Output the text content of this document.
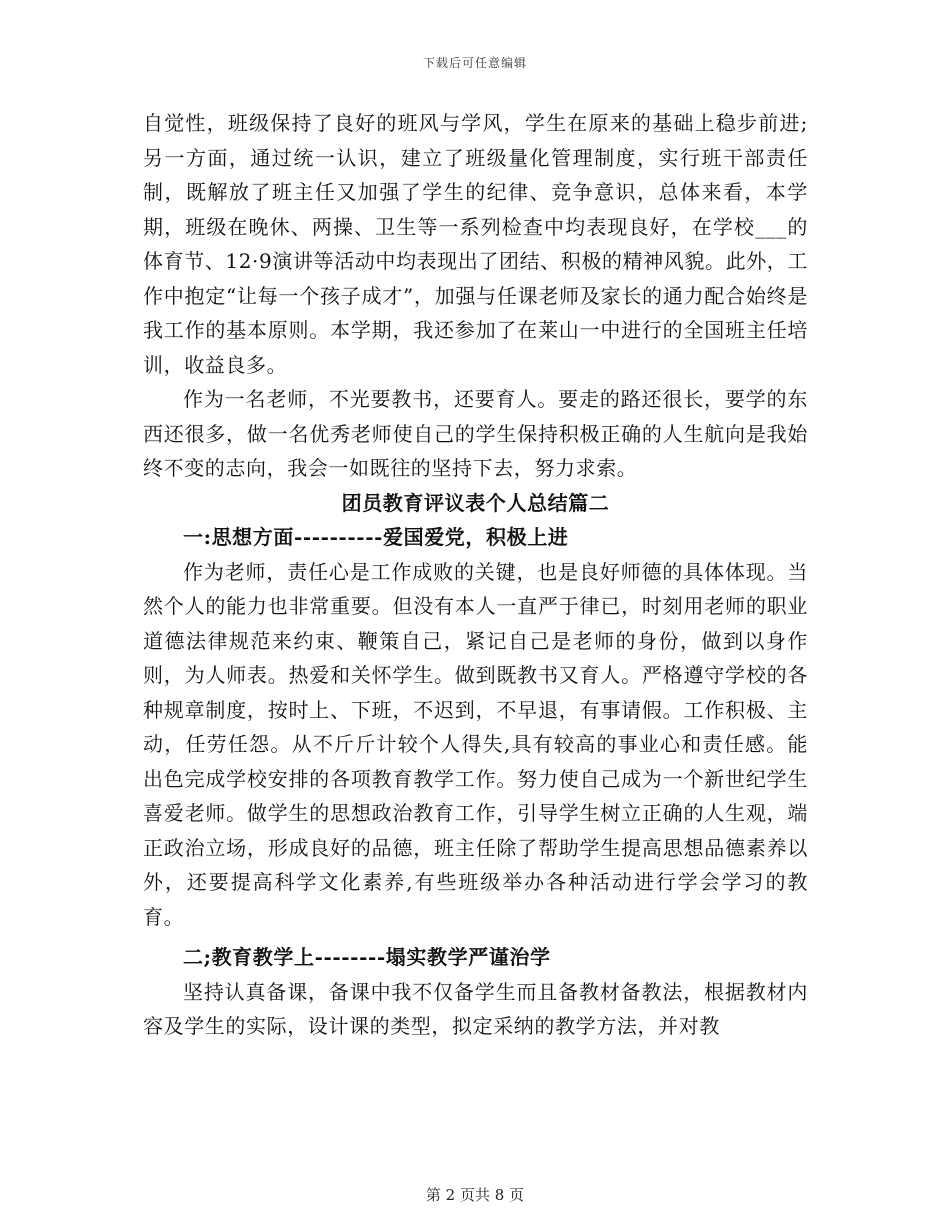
下载后可任意编辑

自觉性，班级保持了良好的班风与学风，学生在原来的基础上稳步前进;另一方面，通过统一认识，建立了班级量化管理制度，实行班干部责任制，既解放了班主任又加强了学生的纪律、竞争意识，总体来看，本学期，班级在晚休、两操、卫生等一系列检查中均表现良好，在学校___的体育节、12·9演讲等活动中均表现出了团结、积极的精神风貌。此外，工作中抱定“让每一个孩子成才”，加强与任课老师及家长的通力配合始终是我工作的基本原则。本学期，我还参加了在莱山一中进行的全国班主任培训，收益良多。

作为一名老师，不光要教书，还要育人。要走的路还很长，要学的东西还很多，做一名优秀老师使自己的学生保持积极正确的人生航向是我始终不变的志向，我会一如既往的坚持下去，努力求索。

团员教育评议表个人总结篇二

一:思想方面----------爱国爱党，积极上进

作为老师，责任心是工作成败的关键，也是良好师德的具体体现。当然个人的能力也非常重要。但没有本人一直严于律已，时刻用老师的职业道德法律规范来约束、鞭策自己，紧记自己是老师的身份，做到以身作则，为人师表。热爱和关怀学生。做到既教书又育人。严格遵守学校的各种规章制度，按时上、下班，不迟到，不早退，有事请假。工作积极、主动，任劳任怨。从不斤斤计较个人得失,具有较高的事业心和责任感。能出色完成学校安排的各项教育教学工作。努力使自己成为一个新世纪学生喜爱老师。做学生的思想政治教育工作，引导学生树立正确的人生观，端正政治立场，形成良好的品德，班主任除了帮助学生提高思想品德素养以外，还要提高科学文化素养,有些班级举办各种活动进行学会学习的教育。

二;教育教学上--------塌实教学严谨治学

坚持认真备课，备课中我不仅备学生而且备教材备教法，根据教材内容及学生的实际，设计课的类型，拟定采纳的教学方法，并对教

第 2 页共 8 页
